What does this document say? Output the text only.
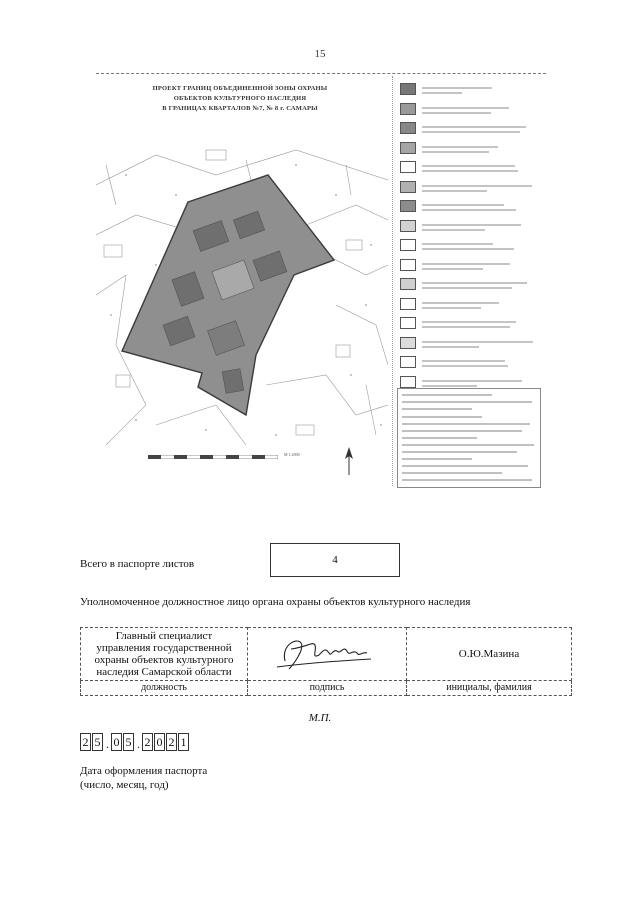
15
ПРОЕКТ ГРАНИЦ ОБЪЕДИНЕННОЙ ЗОНЫ ОХРАНЫ
ОБЪЕКТОВ КУЛЬТУРНОГО НАСЛЕДИЯ
В ГРАНИЦАХ КВАРТАЛОВ №7, № 8 г. САМАРЫ
М 1:2000
Всего в паспорте листов	4
Уполномоченное должностное лицо органа охраны объектов культурного наследия
Главный специалист
управления государственной
охраны объектов культурного
наследия Самарской области		О.Ю.Мазина
должность	подпись	инициалы, фамилия
М.П.
2 5 . 0 5 . 2 0 2 1
Дата оформления паспорта
(число, месяц, год)
